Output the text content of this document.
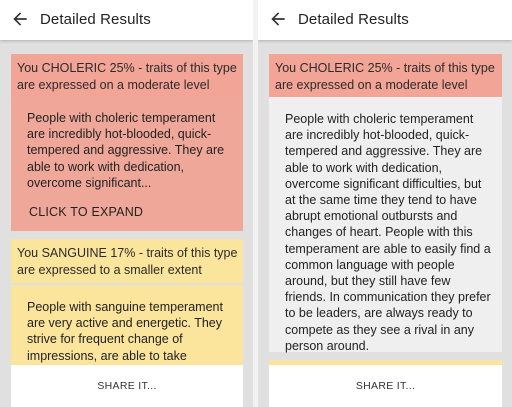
Detailed Results
You CHOLERIC 25% - traits of this type are expressed on a moderate level
People with choleric temperament are incredibly hot-blooded, quick-tempered and aggressive. They are able to work with dedication, overcome significant...
CLICK TO EXPAND
You SANGUINE 17% - traits of this type are expressed to a smaller extent
People with sanguine temperament are very active and energetic. They strive for frequent change of impressions, are able to take
SHARE IT...
Detailed Results
You CHOLERIC 25% - traits of this type are expressed on a moderate level
People with choleric temperament are incredibly hot-blooded, quick-tempered and aggressive. They are able to work with dedication, overcome significant difficulties, but at the same time they tend to have abrupt emotional outbursts and changes of heart. People with this temperament are able to easily find a common language with people around, but they still have few friends. In communication they prefer to be leaders, are always ready to compete as they see a rival in any person around.
SHARE IT...
